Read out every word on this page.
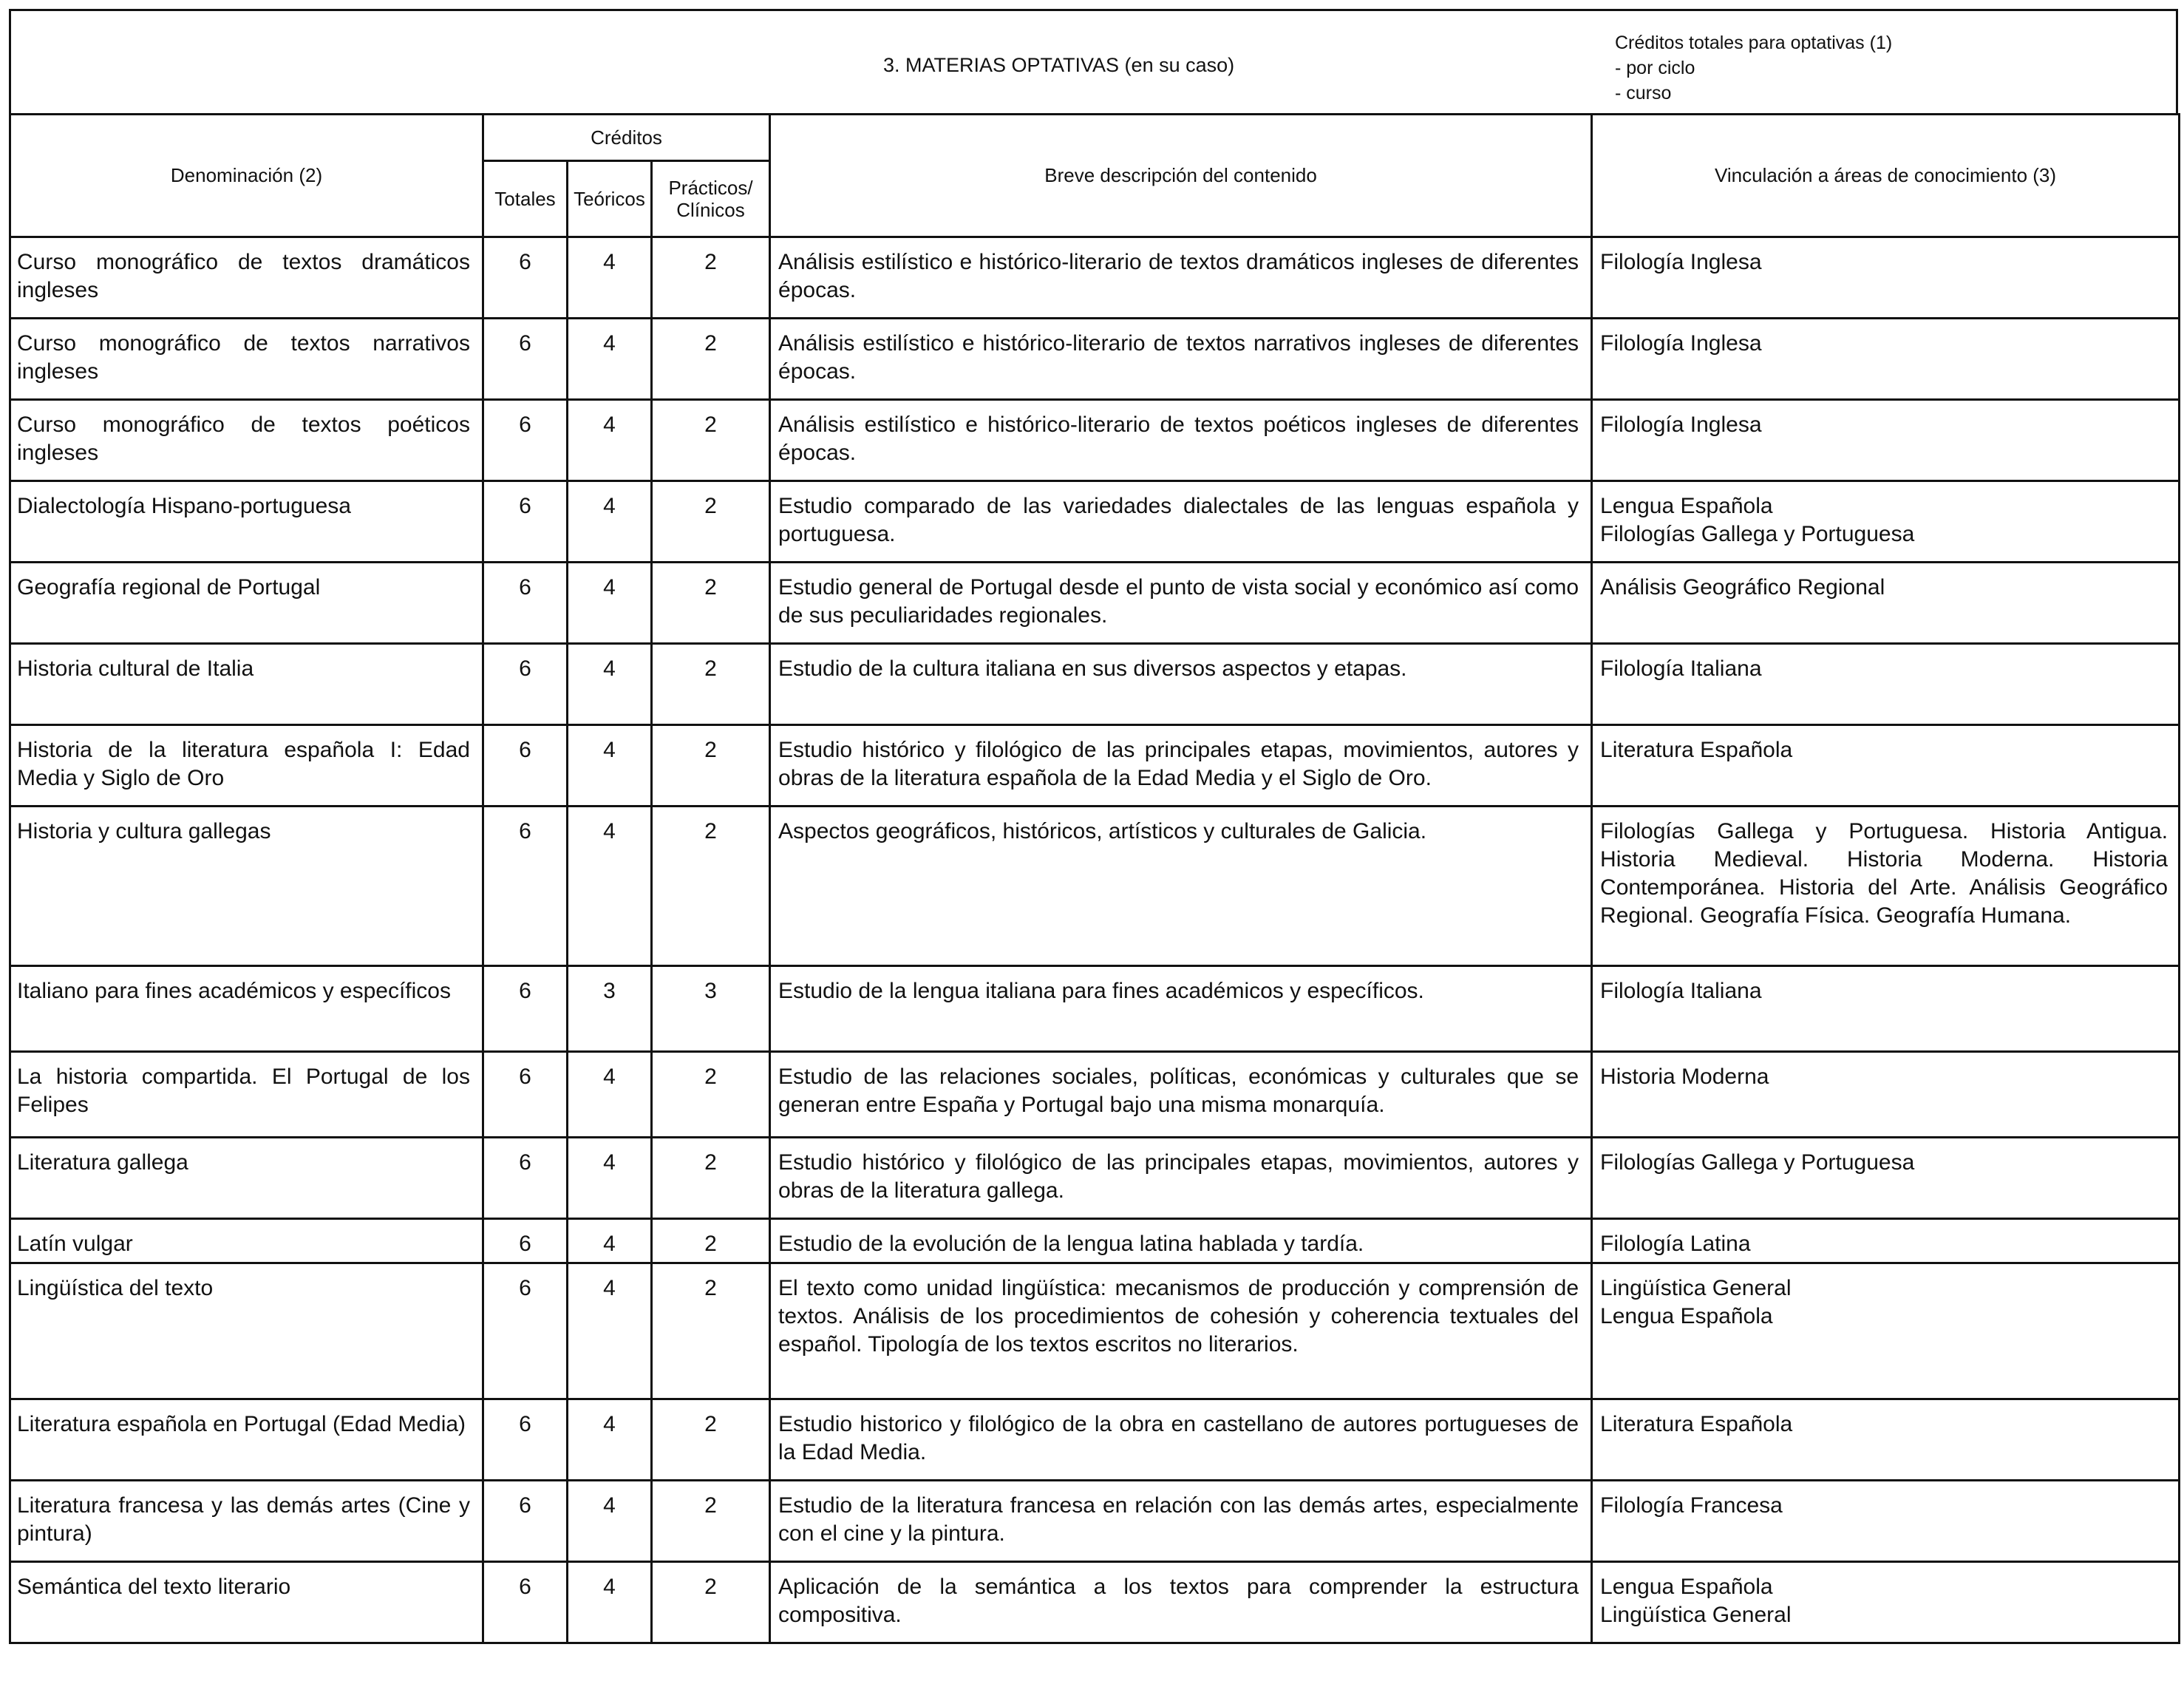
3. MATERIAS OPTATIVAS (en su caso)
Créditos totales para optativas (1)
- por ciclo
- curso
Denominación (2)	Créditos			Breve descripción del contenido	Vinculación a áreas de conocimiento (3)
	Totales	Teóricos	Prácticos/ Clínicos		
Curso monográfico de textos dramáticos ingleses	6	4	2	Análisis estilístico e histórico-literario de textos dramáticos ingleses de diferentes épocas.	Filología Inglesa

Curso monográfico de textos narrativos ingleses	6	4	2	Análisis estilístico e histórico-literario de textos narrativos ingleses de diferentes épocas.	Filología Inglesa

Curso monográfico de textos poéticos ingleses	6	4	2	Análisis estilístico e histórico-literario de textos poéticos ingleses de diferentes épocas.	Filología Inglesa

Dialectología Hispano-portuguesa	6	4	2	Estudio comparado de las variedades dialectales de las lenguas española y portuguesa.	Lengua Española
Filologías Gallega y Portuguesa

Geografía regional de Portugal	6	4	2	Estudio general de Portugal desde el punto de vista social y económico así como de sus peculiaridades regionales.	Análisis Geográfico Regional

Historia cultural de Italia	6	4	2	Estudio de la cultura italiana en sus diversos aspectos y etapas.	Filología Italiana

Historia de la literatura española I: Edad Media y Siglo de Oro	6	4	2	Estudio histórico y filológico de las principales etapas, movimientos, autores y obras de la literatura española de la Edad Media y el Siglo de Oro.	Literatura Española

Historia y cultura gallegas	6	4	2	Aspectos geográficos, históricos, artísticos y culturales de Galicia.	Filologías Gallega y Portuguesa. Historia Antigua. Historia Medieval. Historia Moderna. Historia Contemporánea. Historia del Arte. Análisis Geográfico Regional. Geografía Física. Geografía Humana.

Italiano para fines académicos y específicos	6	3	3	Estudio de la lengua italiana para fines académicos y específicos.	Filología Italiana

La historia compartida. El Portugal de los Felipes	6	4	2	Estudio de las relaciones sociales, políticas, económicas y culturales que se generan entre España y Portugal bajo una misma monarquía.	Historia Moderna

Literatura gallega	6	4	2	Estudio histórico y filológico de las principales etapas, movimientos, autores y obras de la literatura gallega.	Filologías Gallega y Portuguesa

Latín vulgar	6	4	2	Estudio de la evolución de la lengua latina hablada y tardía.	Filología Latina

Lingüística del texto	6	4	2	El texto como unidad lingüística: mecanismos de producción y comprensión de textos. Análisis de los procedimientos de cohesión y coherencia textuales del español. Tipología de los textos escritos no literarios.	Lingüística General
Lengua Española

Literatura española en Portugal (Edad Media)	6	4	2	Estudio historico y filológico de la obra en castellano de autores portugueses de la Edad Media.	Literatura Española

Literatura francesa y las demás artes (Cine y pintura)	6	4	2	Estudio de la literatura francesa en relación con las demás artes, especialmente con el cine y la pintura.	Filología Francesa

Semántica del texto literario	6	4	2	Aplicación de la semántica a los textos para comprender la estructura compositiva.	Lengua Española
Lingüística General
